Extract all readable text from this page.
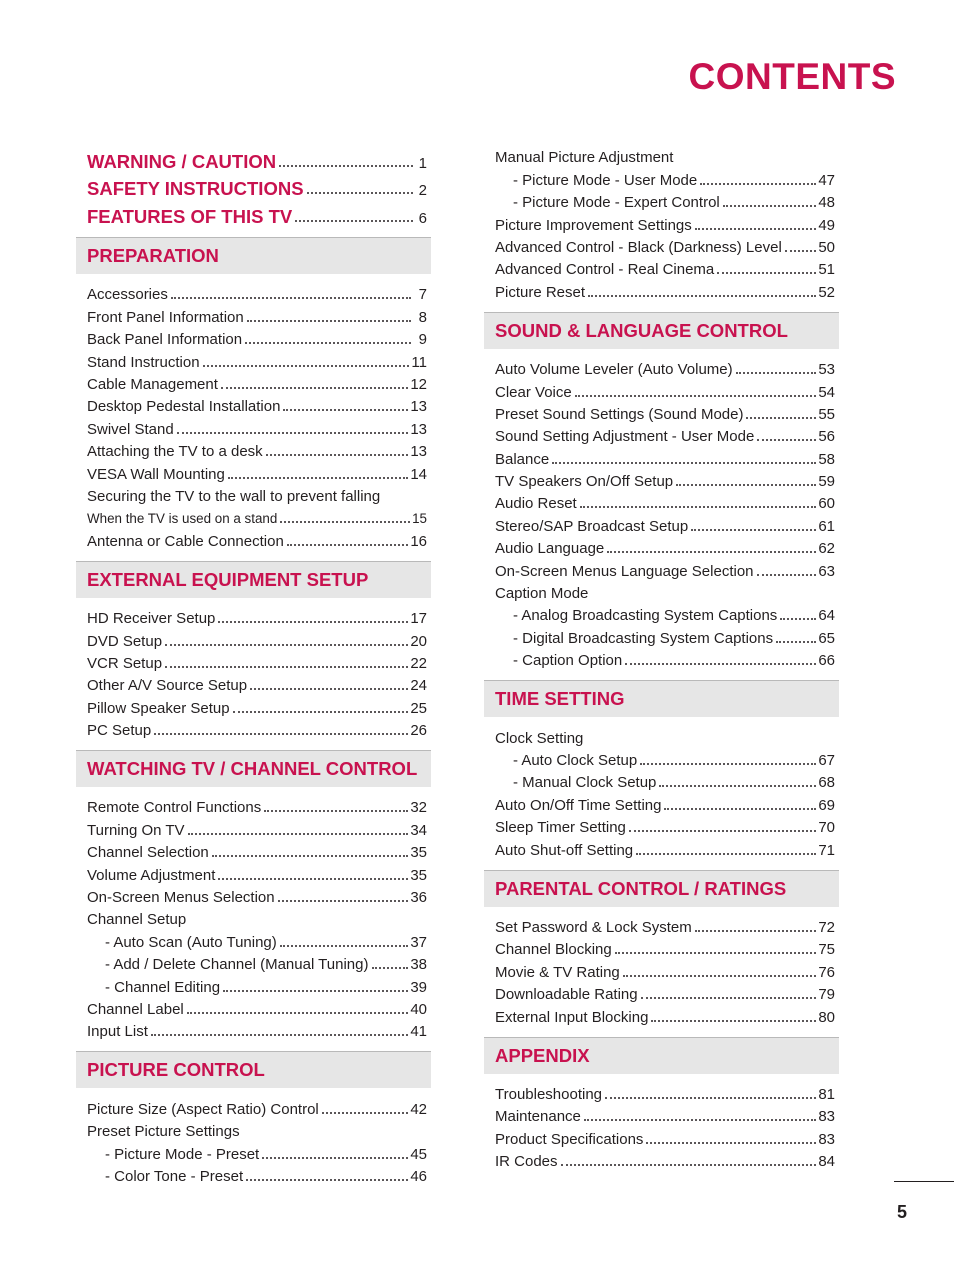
CONTENTS
WARNING / CAUTION	1
SAFETY INSTRUCTIONS	2
FEATURES OF THIS TV	6
PREPARATION
Accessories	7
Front Panel Information	8
Back Panel Information	9
Stand Instruction	11
Cable Management	12
Desktop Pedestal Installation	13
Swivel Stand	13
Attaching the TV to a desk	13
VESA Wall Mounting	14
Securing the TV to the wall to prevent falling
When the TV is used on a stand	15
Antenna or Cable Connection	16
EXTERNAL EQUIPMENT SETUP
HD Receiver Setup	17
DVD Setup	20
VCR Setup	22
Other A/V Source Setup	24
Pillow Speaker Setup	25
PC Setup	26
WATCHING TV / CHANNEL CONTROL
Remote Control Functions	32
Turning On TV	34
Channel Selection	35
Volume Adjustment	35
On-Screen Menus Selection	36
Channel Setup
- Auto Scan (Auto Tuning)	37
- Add / Delete Channel (Manual Tuning)	38
- Channel Editing	39
Channel Label	40
Input List	41
PICTURE CONTROL
Picture Size (Aspect Ratio) Control	42
Preset Picture Settings
- Picture Mode - Preset	45
- Color Tone - Preset	46
Manual Picture Adjustment
- Picture Mode - User Mode	47
- Picture Mode - Expert Control	48
Picture Improvement Settings	49
Advanced Control - Black (Darkness) Level 50
Advanced Control - Real Cinema	51
Picture Reset	52
SOUND & LANGUAGE CONTROL
Auto Volume Leveler (Auto Volume)	53
Clear Voice	54
Preset Sound Settings (Sound Mode)	55
Sound Setting Adjustment - User Mode	56
Balance	58
TV Speakers On/Off Setup	59
Audio Reset	60
Stereo/SAP Broadcast Setup	61
Audio Language	62
On-Screen Menus Language Selection	63
Caption Mode
- Analog Broadcasting System Captions	64
- Digital Broadcasting System Captions	65
- Caption Option	66
TIME SETTING
Clock Setting
- Auto Clock Setup	67
- Manual Clock Setup	68
Auto On/Off Time Setting	69
Sleep Timer Setting	70
Auto Shut-off Setting	71
PARENTAL CONTROL / RATINGS
Set Password & Lock System	72
Channel Blocking	75
Movie & TV Rating	76
Downloadable Rating	79
External Input Blocking	80
APPENDIX
Troubleshooting	81
Maintenance	83
Product Specifications	83
IR Codes	84
5
